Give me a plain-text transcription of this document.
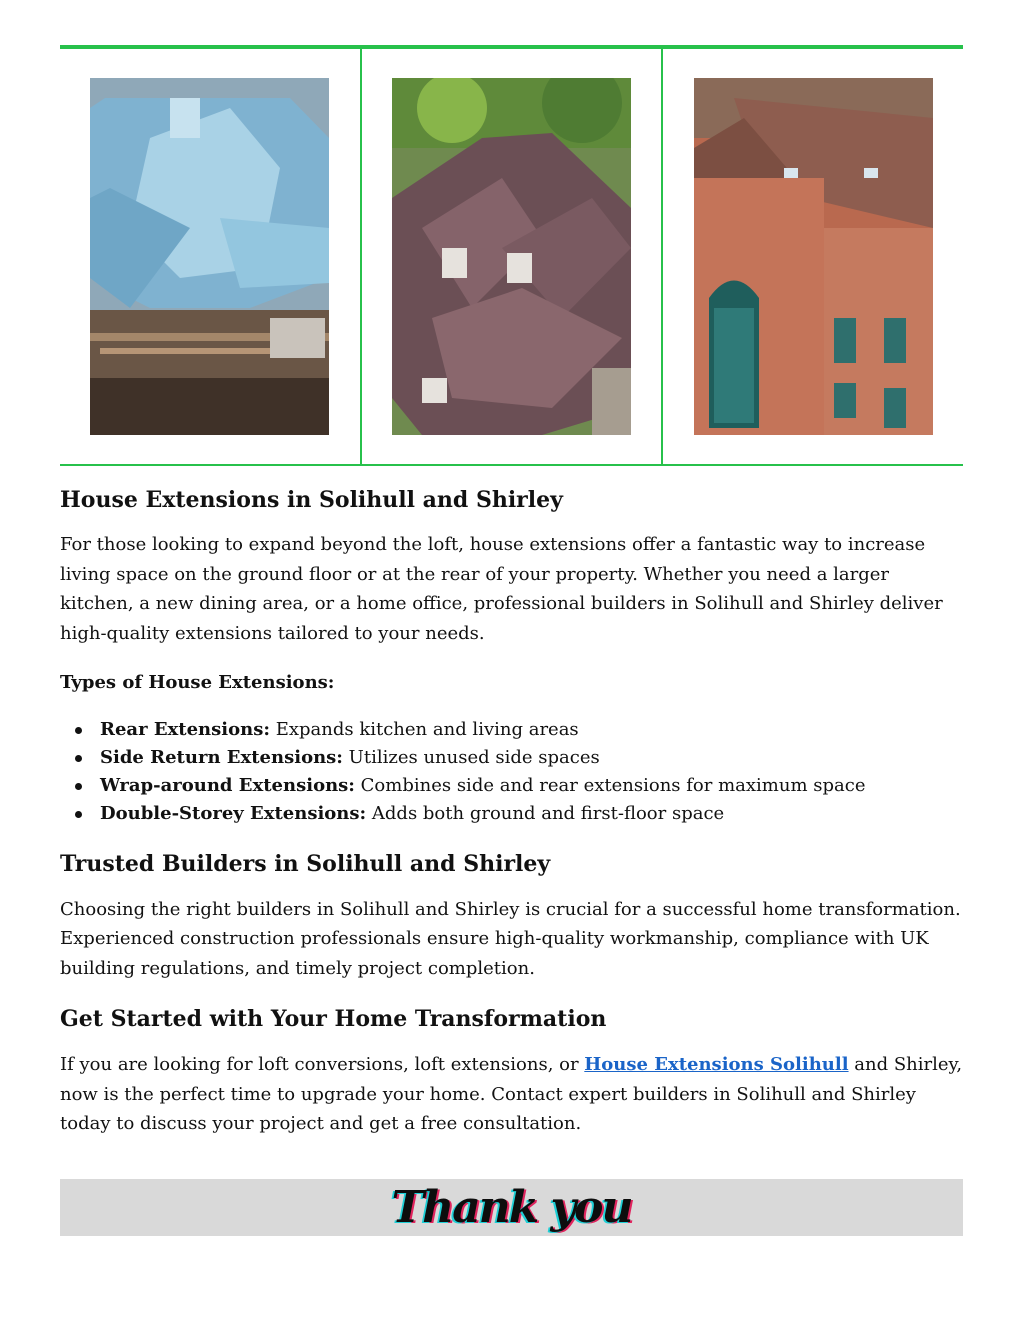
House Extensions in Solihull and Shirley

For those looking to expand beyond the loft, house extensions offer a fantastic way to increase living space on the ground floor or at the rear of your property. Whether you need a larger kitchen, a new dining area, or a home office, professional builders in Solihull and Shirley deliver high-quality extensions tailored to your needs.

Types of House Extensions:

Rear Extensions: Expands kitchen and living areas
Side Return Extensions: Utilizes unused side spaces
Wrap-around Extensions: Combines side and rear extensions for maximum space
Double-Storey Extensions: Adds both ground and first-floor space
Trusted Builders in Solihull and Shirley

Choosing the right builders in Solihull and Shirley is crucial for a successful home transformation. Experienced construction professionals ensure high-quality workmanship, compliance with UK building regulations, and timely project completion.

Get Started with Your Home Transformation

If you are looking for loft conversions, loft extensions, or House Extensions Solihull and Shirley, now is the perfect time to upgrade your home. Contact expert builders in Solihull and Shirley today to discuss your project and get a free consultation.

Thank you
